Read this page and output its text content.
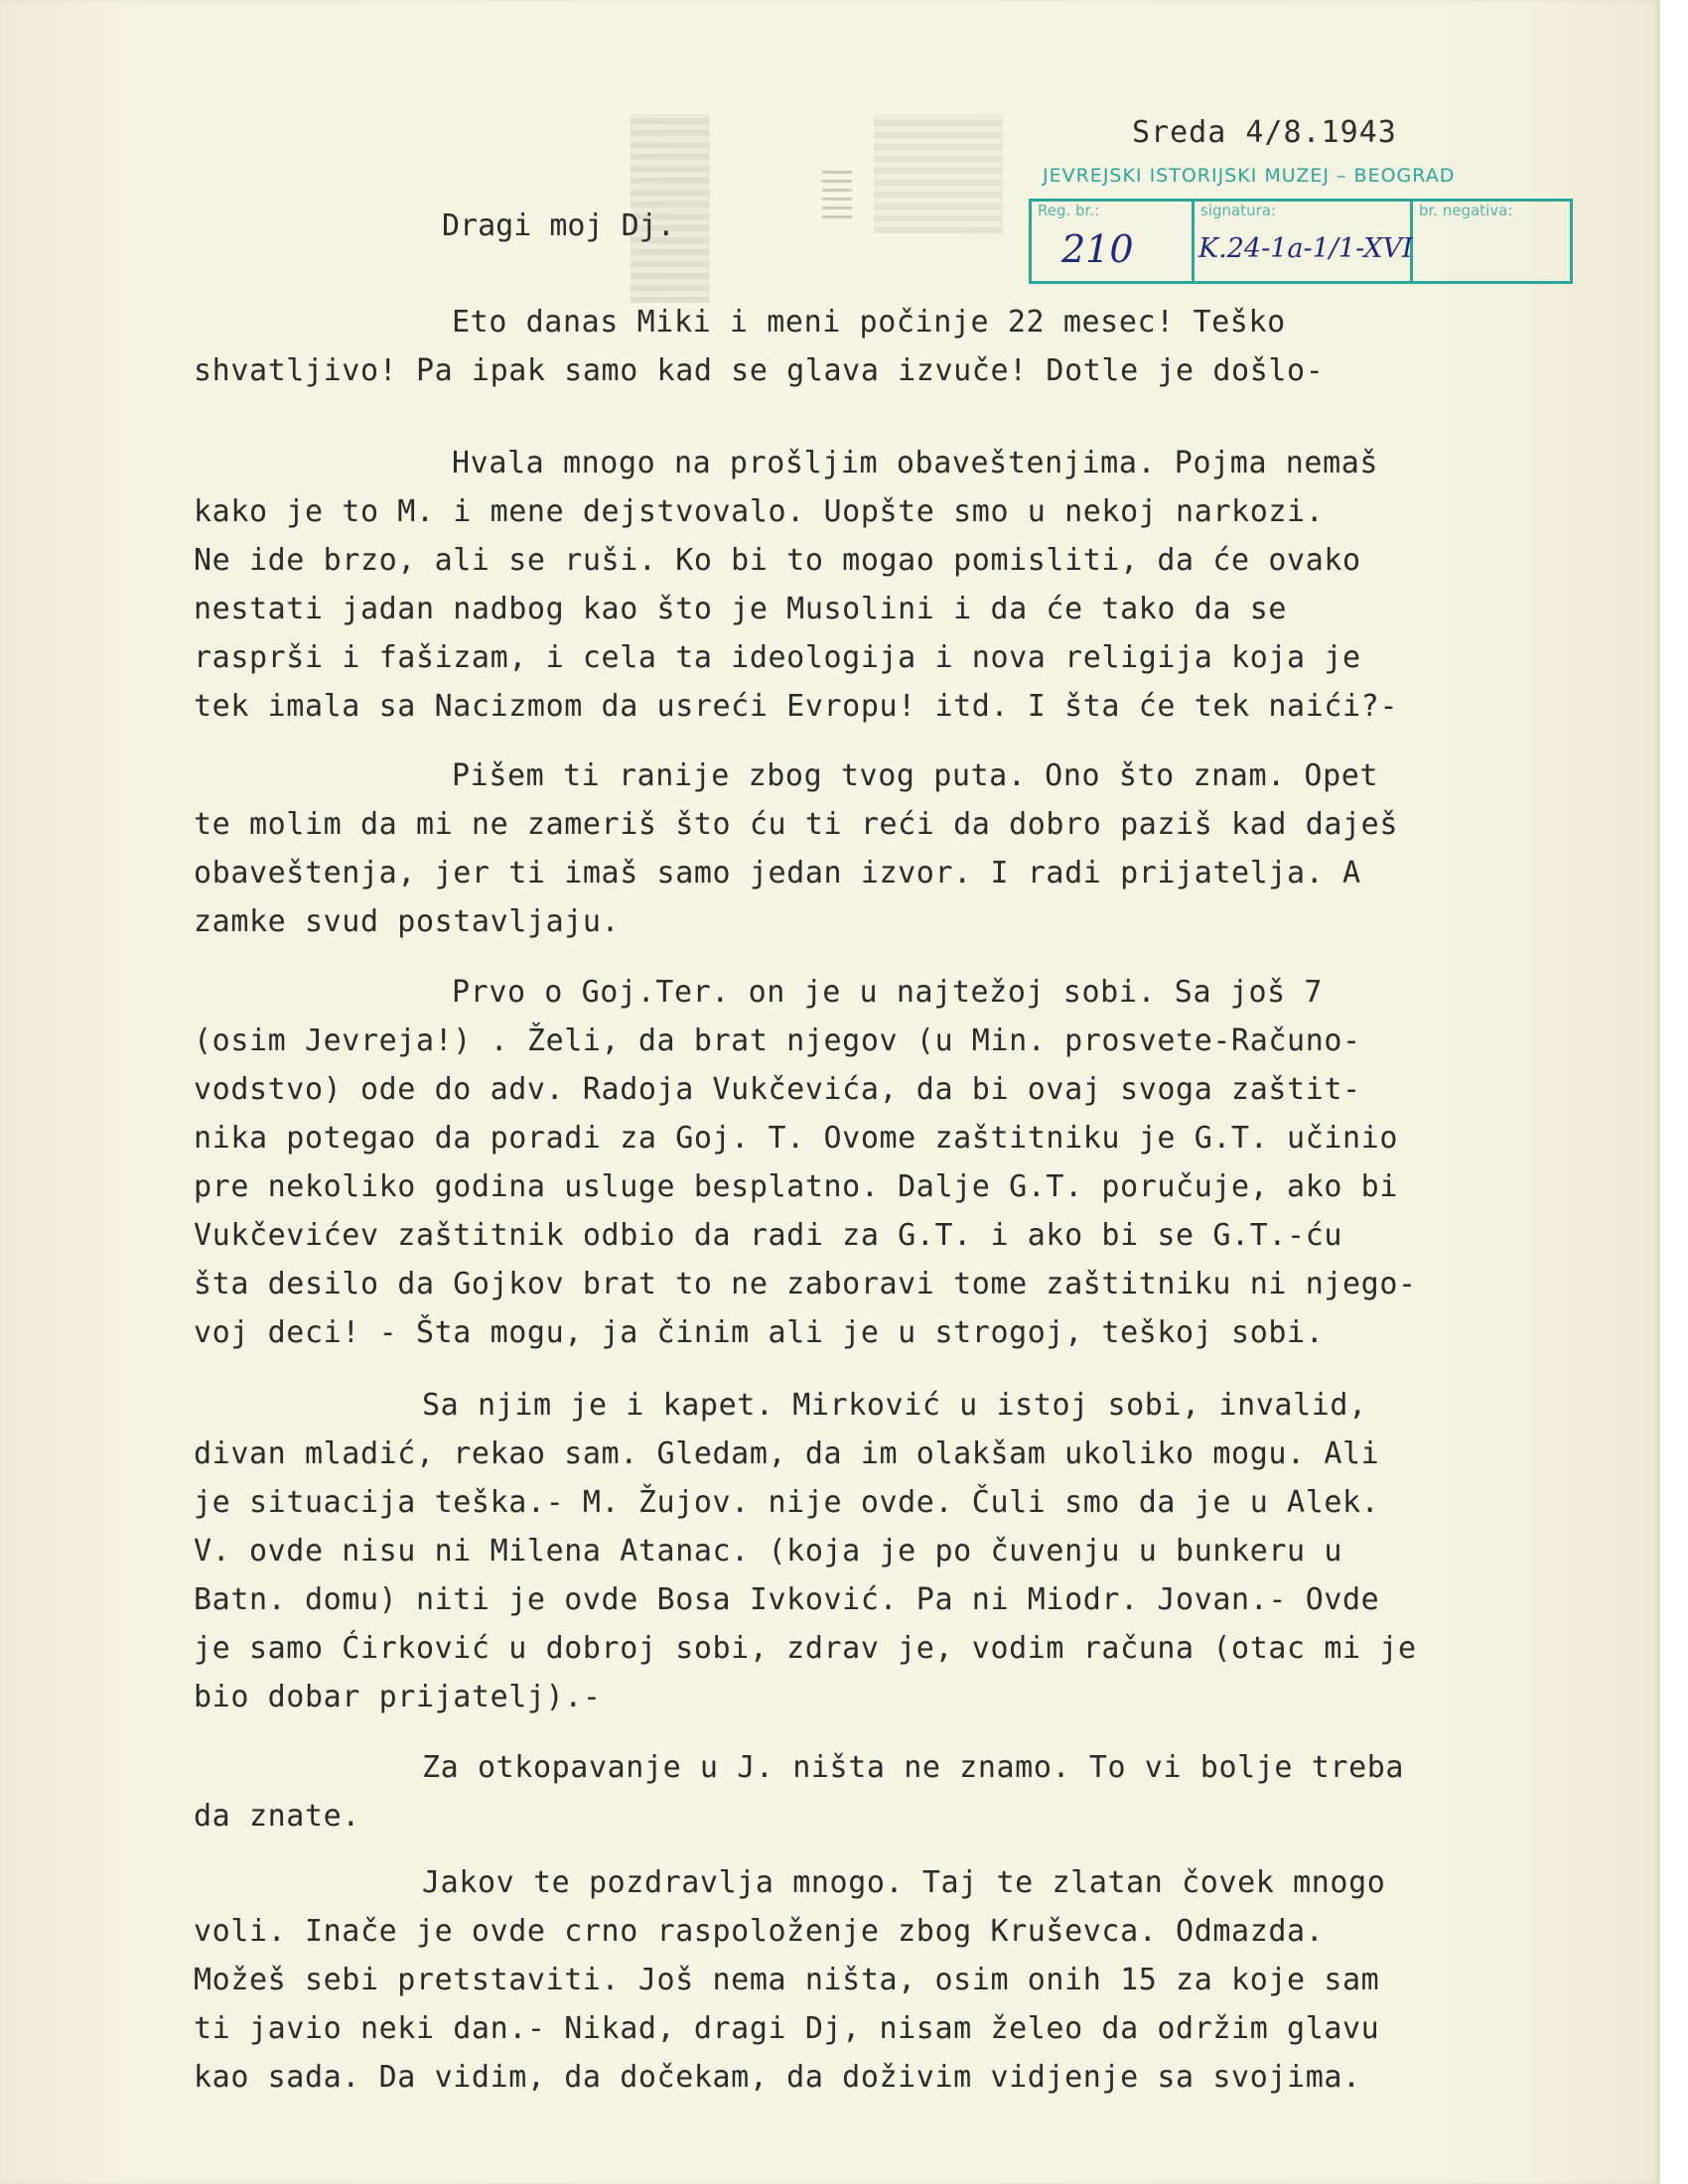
Sreda 4/8.1943
JEVREJSKI ISTORIJSKI MUZEJ – BEOGRAD
Reg. br.:
210
signatura:
K.24-1a-1/1-XVI
br. negativa:
Dragi moj Dj.
Eto danas Miki i meni počinje 22 mesec! Teško
shvatljivo! Pa ipak samo kad se glava izvuče! Dotle je došlo-
Hvala mnogo na prošljim obaveštenjima. Pojma nemaš
kako je to M. i mene dejstvovalo. Uopšte smo u nekoj narkozi.
Ne ide brzo, ali se ruši. Ko bi to mogao pomisliti, da će ovako
nestati jadan nadbog kao što je Musolini i da će tako da se
rasprši i fašizam, i cela ta ideologija i nova religija koja je
tek imala sa Nacizmom da usreći Evropu! itd. I šta će tek naići?-
Pišem ti ranije zbog tvog puta. Ono što znam. Opet
te molim da mi ne zameriš što ću ti reći da dobro paziš kad daješ
obaveštenja, jer ti imaš samo jedan izvor. I radi prijatelja. A
zamke svud postavljaju.
Prvo o Goj.Ter. on je u najtežoj sobi. Sa još 7
(osim Jevreja!) . Želi, da brat njegov (u Min. prosvete-Računo-
vodstvo) ode do adv. Radoja Vukčevića, da bi ovaj svoga zaštit-
nika potegao da poradi za Goj. T. Ovome zaštitniku je G.T. učinio
pre nekoliko godina usluge besplatno. Dalje G.T. poručuje, ako bi
Vukčevićev zaštitnik odbio da radi za G.T. i ako bi se G.T.-ću
šta desilo da Gojkov brat to ne zaboravi tome zaštitniku ni njego-
voj deci! - Šta mogu, ja činim ali je u strogoj, teškoj sobi.
Sa njim je i kapet. Mirković u istoj sobi, invalid,
divan mladić, rekao sam. Gledam, da im olakšam ukoliko mogu. Ali
je situacija teška.- M. Žujov. nije ovde. Čuli smo da je u Alek.
V. ovde nisu ni Milena Atanac. (koja je po čuvenju u bunkeru u
Batn. domu) niti je ovde Bosa Ivković. Pa ni Miodr. Jovan.- Ovde
je samo Ćirković u dobroj sobi, zdrav je, vodim računa (otac mi je
bio dobar prijatelj).-
Za otkopavanje u J. ništa ne znamo. To vi bolje treba
da znate.
Jakov te pozdravlja mnogo. Taj te zlatan čovek mnogo
voli. Inače je ovde crno raspoloženje zbog Kruševca. Odmazda.
Možeš sebi pretstaviti. Još nema ništa, osim onih 15 za koje sam
ti javio neki dan.- Nikad, dragi Dj, nisam želeo da održim glavu
kao sada. Da vidim, da dočekam, da doživim vidjenje sa svojima.
